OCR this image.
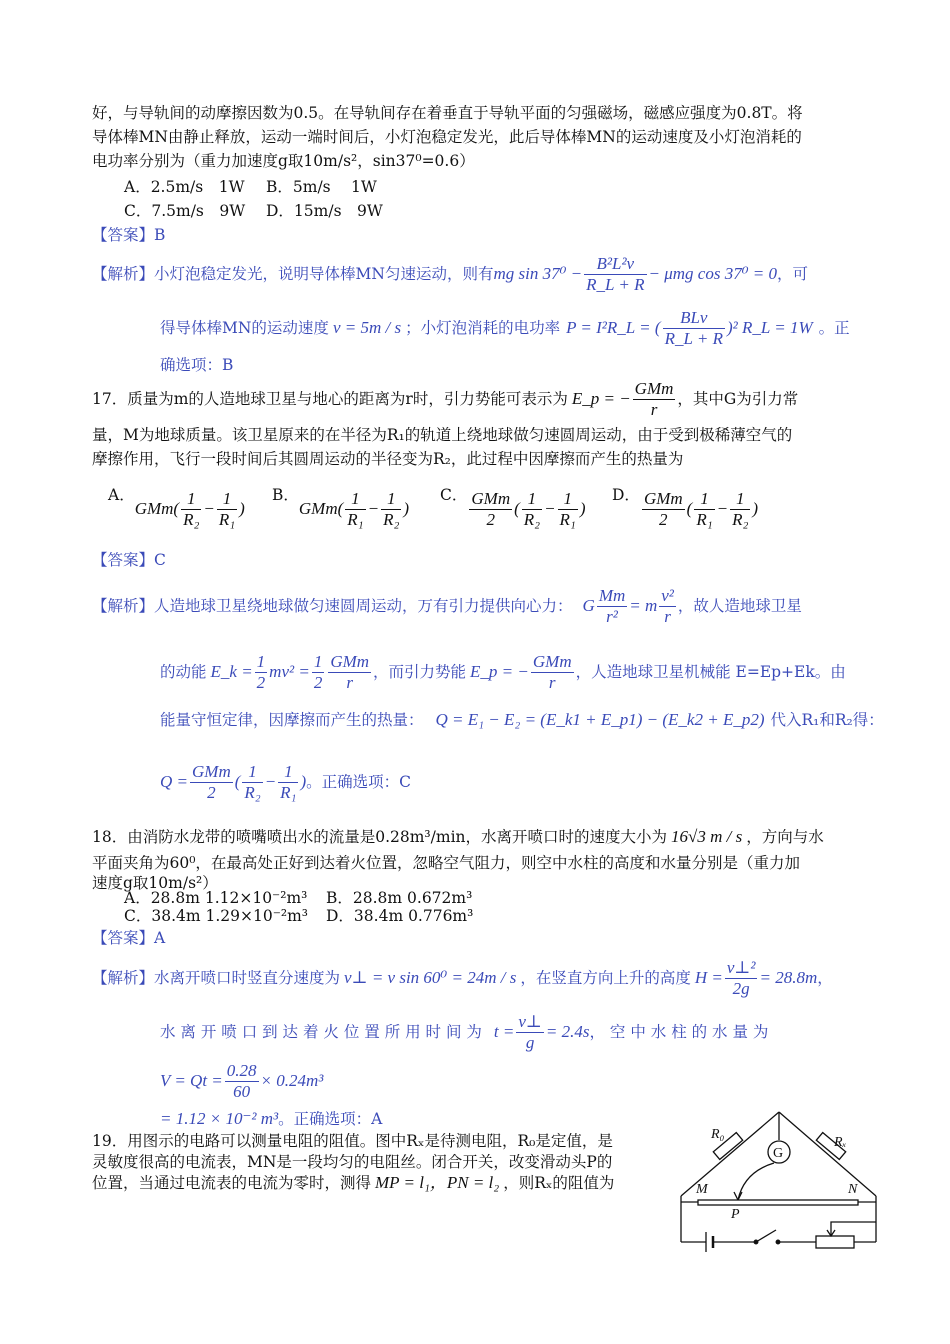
好，与导轨间的动摩擦因数为0.5。在导轨间存在着垂直于导轨平面的匀强磁场，磁感应强度为0.8T。将
导体棒MN由静止释放，运动一端时间后，小灯泡稳定发光，此后导体棒MN的运动速度及小灯泡消耗的
电功率分别为（重力加速度g取10m/s²，sin37⁰=0.6）
A．2.5m/s　1W B．5m/s　 1W
C．7.5m/s　9W D．15m/s　9W
【答案】B
【解析】 小灯泡稳定发光，说明导体棒MN匀速运动，则有 mg $\sin 37^0 - \frac{\text{B²L²v}}{R\_L + R} - \mu mg$ cos 37⁰ = 0 ，可
得导体棒MN的运动速度 v = 5m / s ；小灯泡消耗的电功率 P = I²R_L = ( $\frac{\text{BLv}}{R\_L + R} )^2$ R_L = 1W 。正
确选项：B
17．质量为m的人造地球卫星与地心的距离为r时，引力势能可表示为 E_p = − $\frac{\text{GMm}}{r}$ ，其中G为引力常
量，M为地球质量。该卫星原来的在半径为R₁的轨道上绕地球做匀速圆周运动，由于受到极稀薄空气的
摩擦作用，飞行一段时间后其圆周运动的半径变为R₂，此过程中因摩擦而产生的热量为
A．
$GMm( \frac{1}{\text{R₂}} - \frac{1}{\text{R₁}}$ )
B．
$GMm( \frac{1}{\text{R₁}} - \frac{1}{\text{R₂}}$ )
C． $\frac{\text{GMm}}{2}$ ( $\frac{1}{\text{R₂}} - \frac{1}{\text{R₁}}$ )
D． $\frac{\text{GMm}}{2}$ ( $\frac{1}{\text{R₁}} - \frac{1}{\text{R₂}}$ )
【答案】C
【解析】 人造地球卫星绕地球做匀速圆周运动，万有引力提供向心力： G $\frac{Mm}{\text{r²}} = m \frac{\text{v²}}{r}$ ，故人造地球卫星
的动能 E_k = $\frac{1}{2} mv^2 = \frac{1}{2} \frac{\text{GMm}}{r}$ ，而引力势能 E_p = − $\frac{\text{GMm}}{r}$ ，人造地球卫星机械能 E=Ep+Ek。由
能量守恒定律，因摩擦而产生的热量： Q = E₁ − E₂ = (E_k1 + E_p1) − (E_k2 + E_p2) 代入R₁和R₂得：
$Q = \frac{\text{GMm}}{2}$ ( $\frac{1}{\text{R₂}} - \frac{1}{\text{R₁}}$ ) 。正确选项：C
18．由消防水龙带的喷嘴喷出水的流量是0.28m³/min，水离开喷口时的速度大小为 16√3 m / s ，方向与水
平面夹角为60⁰，在最高处正好到达着火位置，忽略空气阻力，则空中水柱的高度和水量分别是（重力加
速度g取10m/s²）
A．28.8m 1.12×10⁻²m³ B．28.8m 0.672m³
C．38.4m 1.29×10⁻²m³ D．38.4m 0.776m³
【答案】A
【解析】 水离开喷口时竖直分速度为 v⊥ = v sin 60⁰ = 24m / s ，在竖直方向上升的高度 $H = \frac{\text{v⊥²}}{2g} = 28.8m$ ，
水 离 开 喷 口 到 达 着 火 位 置 所 用 时 间 为 $t = \frac{v\perp}{g} = 2.4s$ ， 空 中 水 柱 的 水 量 为
$V = Qt = \frac{0.28}{60} \times 0.24m^3$
= 1.12 × 10⁻² m³ 。正确选项：A
19．用图示的电路可以测量电阻的阻值。图中Rₓ是待测电阻，R₀是定值，是
灵敏度很高的电流表，MN是一段均匀的电阻丝。闭合开关，改变滑动头P的
位置，当通过电流表的电流为零时，测得 MP = l₁，PN = l₂ ，则Rₓ的阻值为
R₀
Rₓ
G
M	N
P
